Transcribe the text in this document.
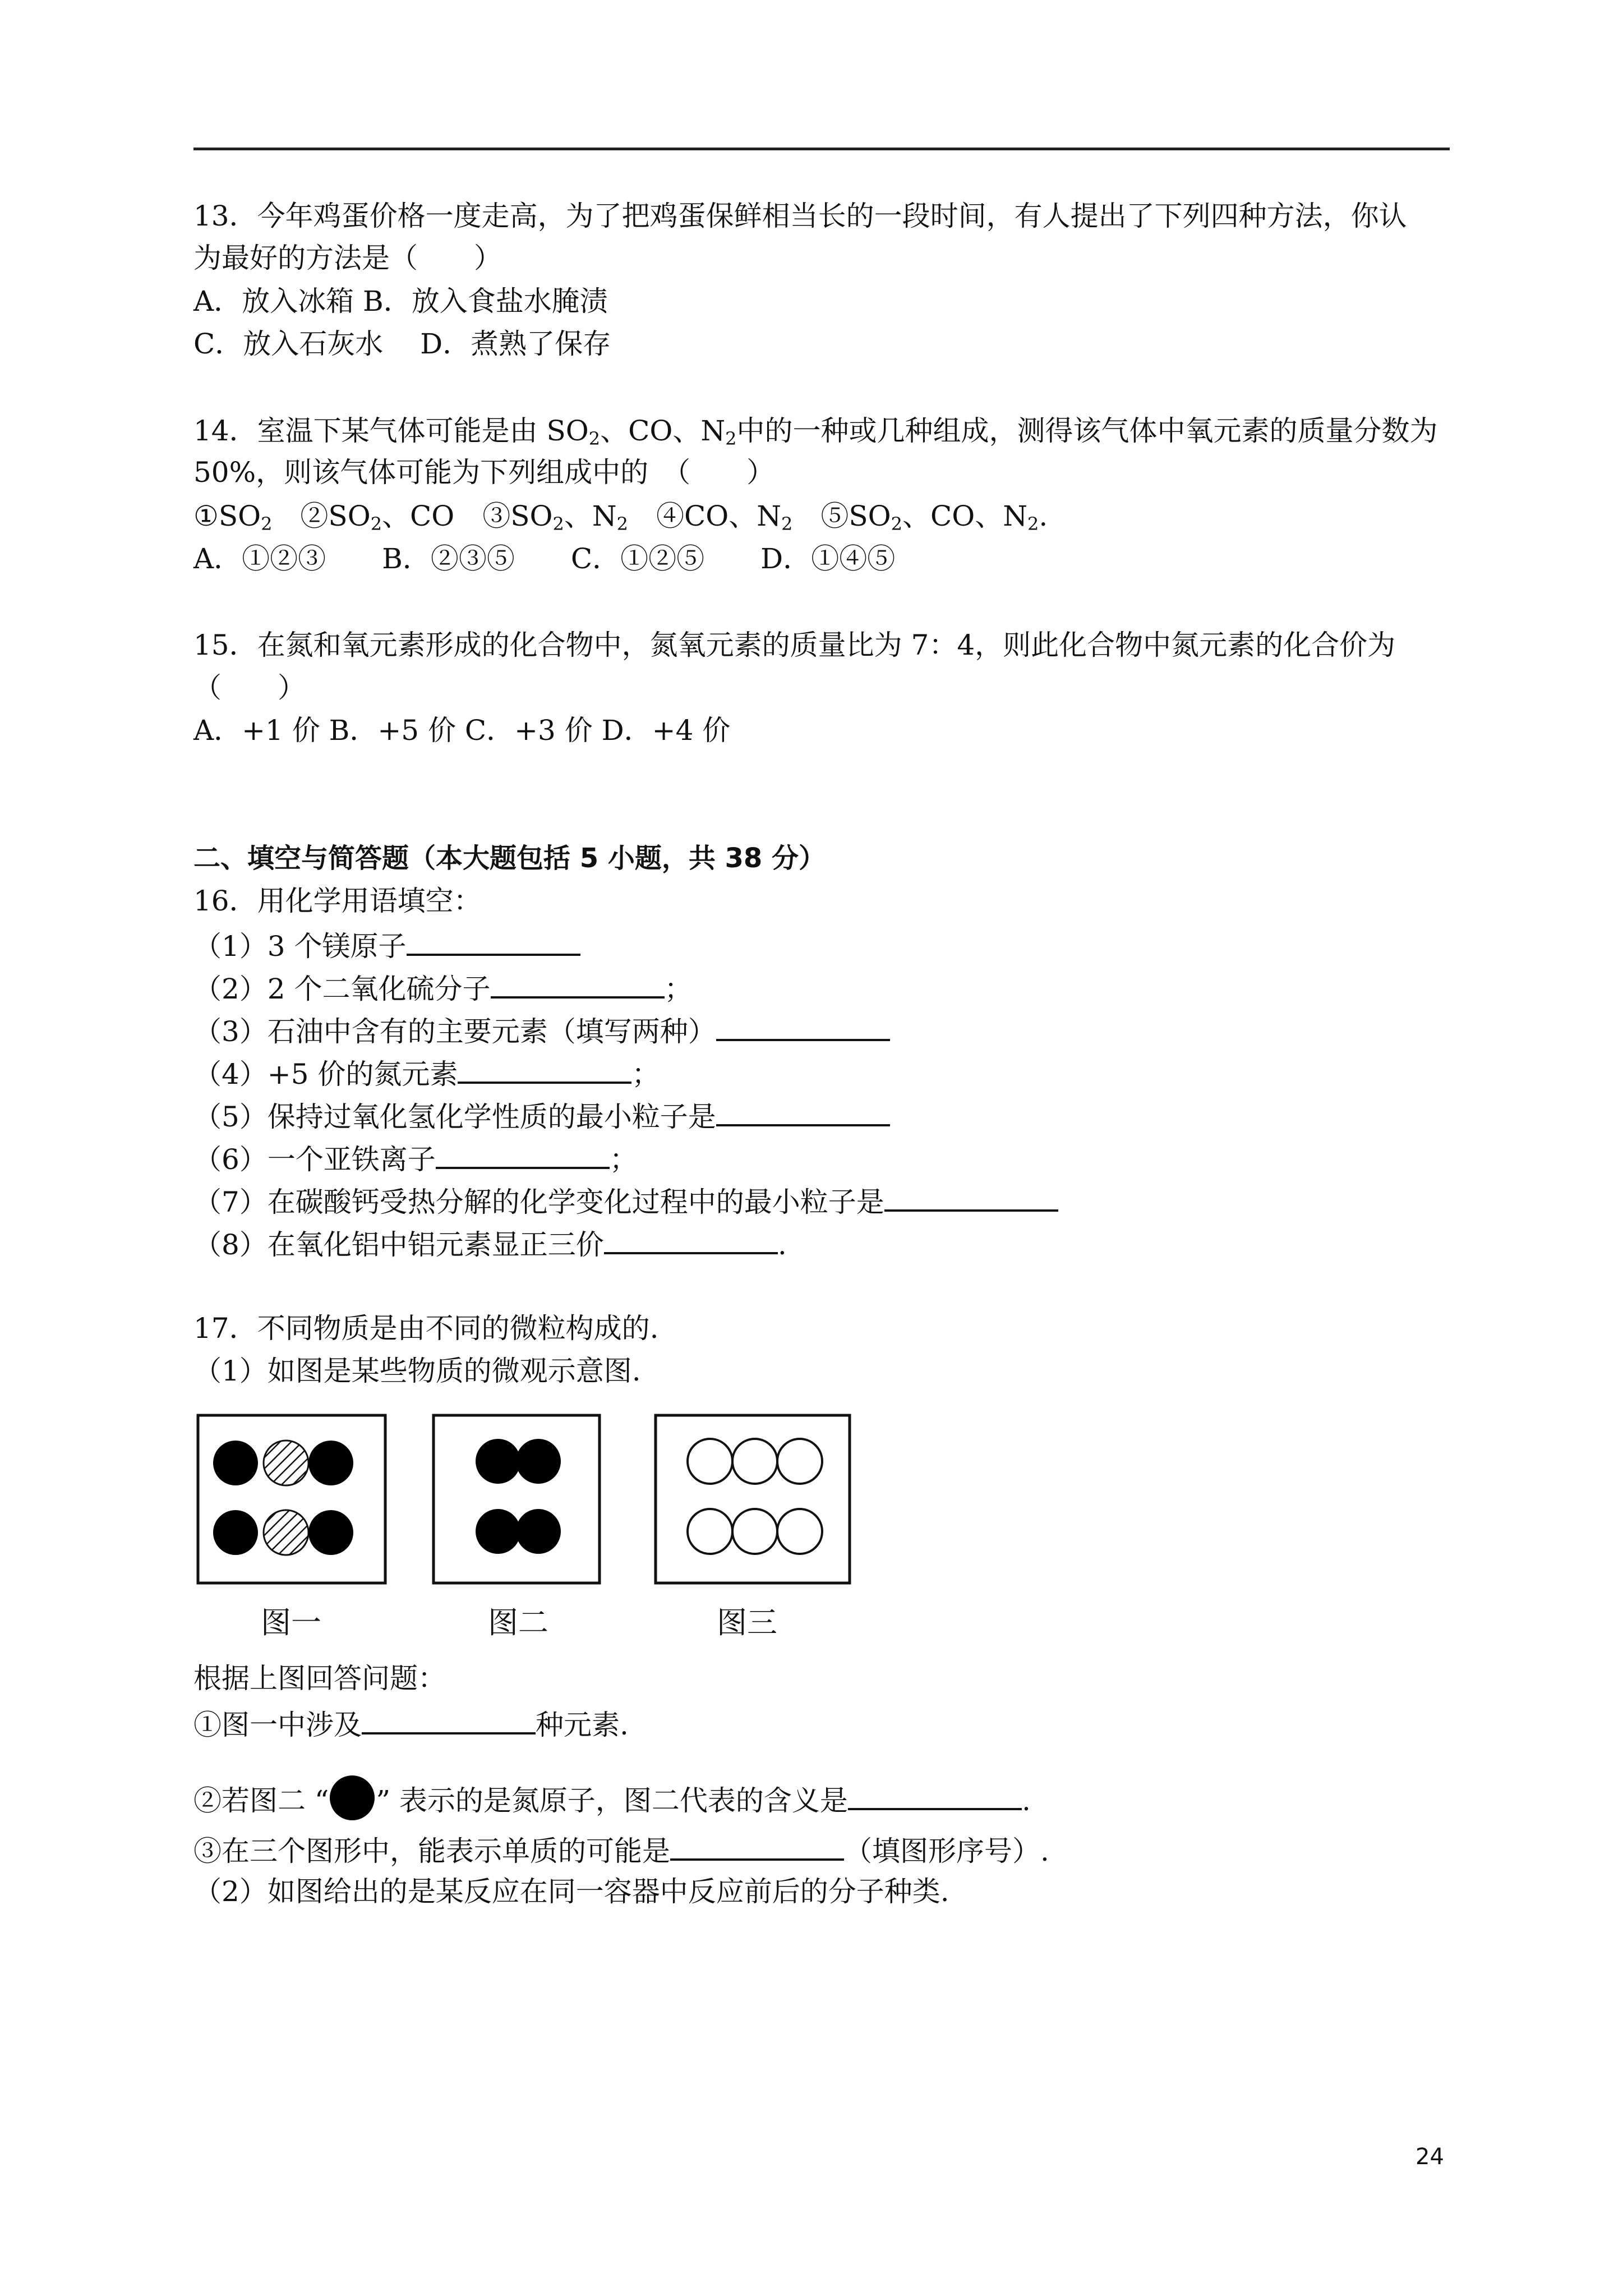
13．今年鸡蛋价格一度走高，为了把鸡蛋保鲜相当长的一段时间，有人提出了下列四种方法，你认
为最好的方法是（　　）
A．放入冰箱 B．放入食盐水腌渍
C．放入石灰水　 D．煮熟了保存
14．室温下某气体可能是由 $SO_2$、CO、$N_2$中的一种或几种组成，测得该气体中氧元素的质量分数为
50%，则该气体可能为下列组成中的　（　　）
$①SO_2$　$②SO_2$、CO　$③SO_2$、$N_2$　④CO、$N_2$　$⑤SO_2$、CO、$N_2$.
A．①②③　　B．②③⑤　　C．①②⑤　　D．①④⑤
15．在氮和氧元素形成的化合物中，氮氧元素的质量比为 7：4，则此化合物中氮元素的化合价为
（　　）
A．+1 价 B．+5 价 C．+3 价 D．+4 价
二、填空与简答题（本大题包括 5 小题，共 38 分）
16．用化学用语填空：
（1）3 个镁原子
（2）2 个二氧化硫分子	；
（3）石油中含有的主要元素（填写两种）
（4）+5 价的氮元素	；
（5）保持过氧化氢化学性质的最小粒子是
（6）一个亚铁离子	；
（7）在碳酸钙受热分解的化学变化过程中的最小粒子是
（8）在氧化铝中铝元素显正三价	.
17．不同物质是由不同的微粒构成的.
（1）如图是某些物质的微观示意图.
图一	图二	图三
根据上图回答问题：
①图一中涉及	种元素.
②若图二 “ ” 表示的是氮原子，图二代表的含义是	.
③在三个图形中，能表示单质的可能是	（填图形序号）.
（2）如图给出的是某反应在同一容器中反应前后的分子种类.
24
